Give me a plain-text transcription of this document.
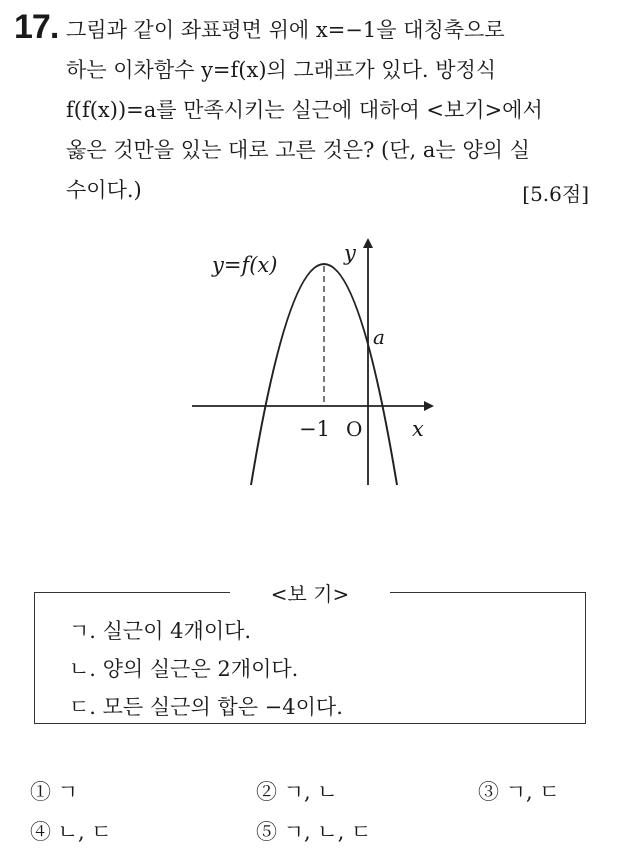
17. 그림과 같이 좌표평면 위에 x=−1을 대칭축으로
하는 이차함수 y=f(x)의 그래프가 있다. 방정식
f(f(x))=a를 만족시키는 실근에 대하여 <보기>에서
옳은 것만을 있는 대로 고른 것은? (단, a는 양의 실
수이다.)	[5.6점]
y=f(x)	y
a
−1 O x
ㄱ. 실근이 4개이다.
ㄴ. 양의 실근은 2개이다.
ㄷ. 모든 실근의 합은 −4이다.
<보 기>
① ㄱ	② ㄱ, ㄴ	③ ㄱ, ㄷ
④ ㄴ, ㄷ	⑤ ㄱ, ㄴ, ㄷ
